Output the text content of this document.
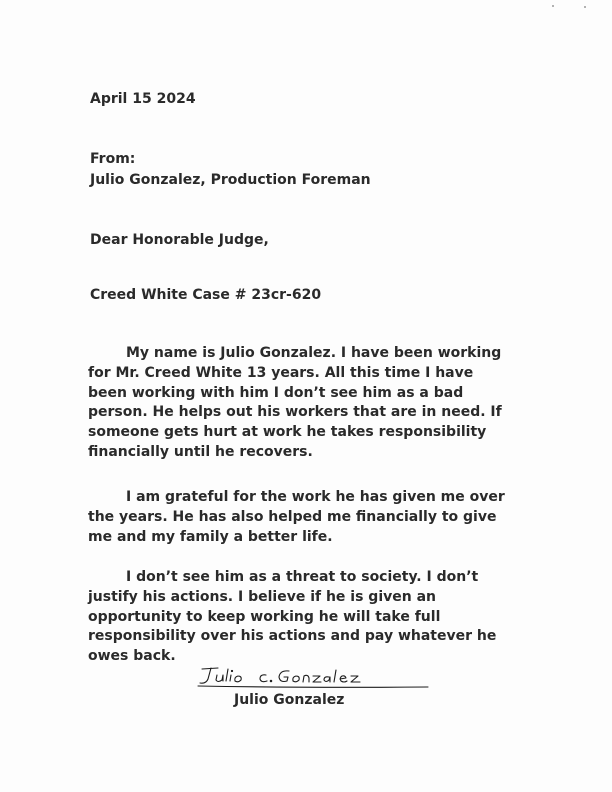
April 15 2024

From:

Julio Gonzalez, Production Foreman

Dear Honorable Judge,

Creed White Case # 23cr-620

My name is Julio Gonzalez. I have been working
for Mr. Creed White 13 years. All this time I have
been working with him I don’t see him as a bad
person. He helps out his workers that are in need. If
someone gets hurt at work he takes responsibility
financially until he recovers.
I am grateful for the work he has given me over
the years. He has also helped me financially to give
me and my family a better life.
I don’t see him as a threat to society. I don’t
justify his actions. I believe if he is given an
opportunity to keep working he will take full
responsibility over his actions and pay whatever he
owes back.

Julio Gonzalez
